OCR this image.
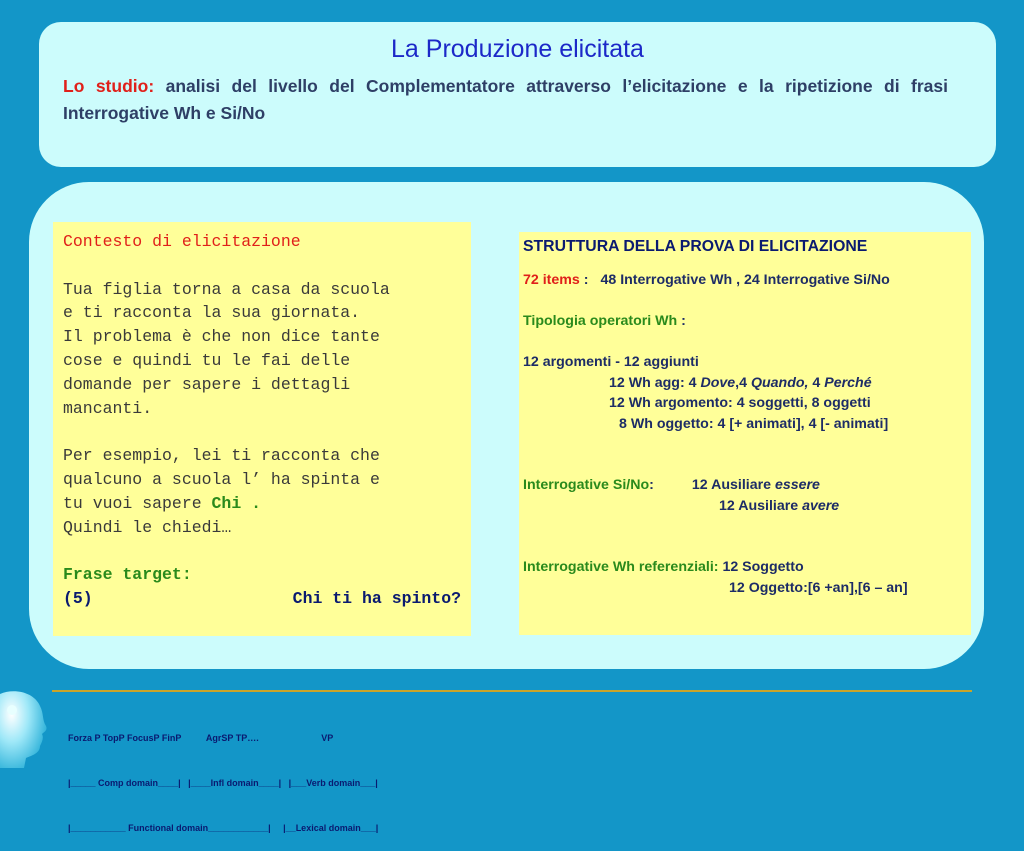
La Produzione elicitata

Lo studio: analisi del livello del Complementatore attraverso l’elicitazione e la ripetizione di frasi Interrogative Wh e Si/No

Contesto di elicitazione

Tua figlia torna a casa da scuola

e ti racconta la sua giornata.

Il problema è che non dice tante

cose e quindi tu le fai delle

domande per sapere i dettagli

mancanti.

Per esempio, lei ti racconta che

qualcuno a scuola l’ ha spinta e

tu vuoi sapere Chi .

Quindi le chiedi…

Frase target:

(5)	Chi ti ha spinto?

STRUTTURA DELLA PROVA DI ELICITAZIONE

72 items : 48 Interrogative Wh , 24 Interrogative Si/No

Tipologia operatori Wh :

12 argomenti - 12 aggiunti

12 Wh agg: 4 Dove,4 Quando, 4 Perché

12 Wh argomento: 4 soggetti, 8 oggetti

8 Wh oggetto: 4 [+ animati], 4 [- animati]

Interrogative Si/No:	12 Ausiliare essere

12 Ausiliare avere

Interrogative Wh referenziali: 12 Soggetto

12 Oggetto:[6 +an],[6 – an]

Forza P TopP FocusP FinP          AgrSP TP….                         VP

|_____ Comp domain____|   |____Infl domain____|   |___Verb domain___|

|___________ Functional domain____________|     |__Lexical domain___|
